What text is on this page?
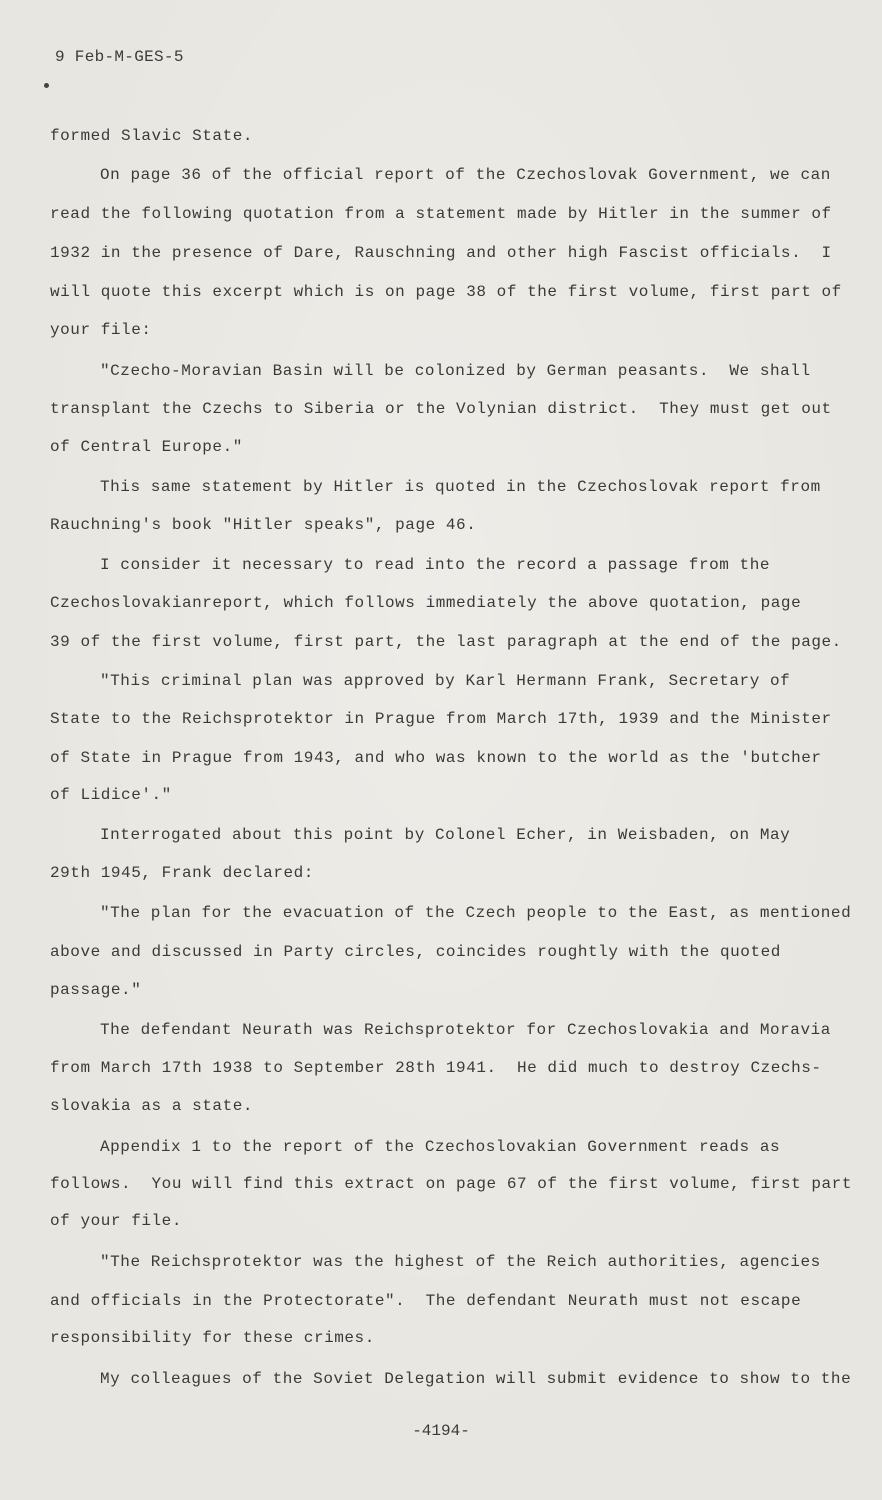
9 Feb-M-GES-5
formed Slavic State.
On page 36 of the official report of the Czechoslovak Government, we can
read the following quotation from a statement made by Hitler in the summer of
1932 in the presence of Dare, Rauschning and other high Fascist officials.  I
will quote this excerpt which is on page 38 of the first volume, first part of
your file:
"Czecho-Moravian Basin will be colonized by German peasants.  We shall
transplant the Czechs to Siberia or the Volynian district.  They must get out
of Central Europe."
This same statement by Hitler is quoted in the Czechoslovak report from
Rauchning's book "Hitler speaks", page 46.
I consider it necessary to read into the record a passage from the
Czechoslovakianreport, which follows immediately the above quotation, page
39 of the first volume, first part, the last paragraph at the end of the page.
"This criminal plan was approved by Karl Hermann Frank, Secretary of
State to the Reichsprotektor in Prague from March 17th, 1939 and the Minister
of State in Prague from 1943, and who was known to the world as the 'butcher
of Lidice'."
Interrogated about this point by Colonel Echer, in Weisbaden, on May
29th 1945, Frank declared:
"The plan for the evacuation of the Czech people to the East, as mentioned
above and discussed in Party circles, coincides roughtly with the quoted
passage."
The defendant Neurath was Reichsprotektor for Czechoslovakia and Moravia
from March 17th 1938 to September 28th 1941.  He did much to destroy Czechs-
slovakia as a state.
Appendix 1 to the report of the Czechoslovakian Government reads as
follows.  You will find this extract on page 67 of the first volume, first part
of your file.
"The Reichsprotektor was the highest of the Reich authorities, agencies
and officials in the Protectorate".  The defendant Neurath must not escape
responsibility for these crimes.
My colleagues of the Soviet Delegation will submit evidence to show to the
-4194-
